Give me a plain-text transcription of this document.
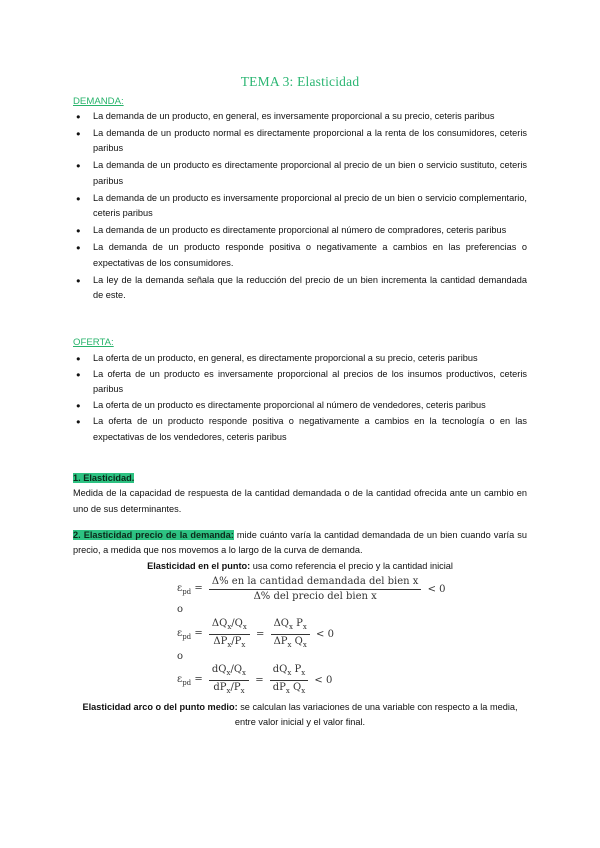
TEMA 3: Elasticidad
DEMANDA:
● La demanda de un producto, en general, es inversamente proporcional a su precio, ceteris paribus
● La demanda de un producto normal es directamente proporcional a la renta de los consumidores, ceteris paribus
● La demanda de un producto es directamente proporcional al precio de un bien o servicio sustituto, ceteris paribus
● La demanda de un producto es inversamente proporcional al precio de un bien o servicio complementario, ceteris paribus
● La demanda de un producto es directamente proporcional al número de compradores, ceteris paribus
● La demanda de un producto responde positiva o negativamente a cambios en las preferencias o expectativas de los consumidores.
● La ley de la demanda señala que la reducción del precio de un bien incrementa la cantidad demandada de este.
OFERTA:
● La oferta de un producto, en general, es directamente proporcional a su precio, ceteris paribus
● La oferta de un producto es inversamente proporcional al precios de los insumos productivos, ceteris paribus
● La oferta de un producto es directamente proporcional al número de vendedores, ceteris paribus
● La oferta de un producto responde positiva o negativamente a cambios en la tecnología o en las expectativas de los vendedores, ceteris paribus
1. Elasticidad.
Medida de la capacidad de respuesta de la cantidad demandada o de la cantidad ofrecida ante un cambio en uno de sus determinantes.
2. Elasticidad precio de la demanda: mide cuánto varía la cantidad demandada de un bien cuando varía su precio, a medida que nos movemos a lo largo de la curva de demanda.
Elasticidad en el punto: usa como referencia el precio y la cantidad inicial
$\varepsilon_{pd} = \frac{\text{Δ\% en la cantidad demandada del bien x}}{\text{Δ\% del precio del bien x}} < 0$
o
$\varepsilon_{pd} = \frac{\Delta Q_x/Q_x}{\Delta P_x/P_x} = \frac{\Delta Q_x P_x}{\Delta P_x Q_x} < 0$
o
$\varepsilon_{pd} = \frac{dQ_x/Q_x}{dP_x/P_x} = \frac{dQ_x P_x}{dP_x Q_x} < 0$
Elasticidad arco o del punto medio: se calculan las variaciones de una variable con respecto a la media, entre valor inicial y el valor final.
